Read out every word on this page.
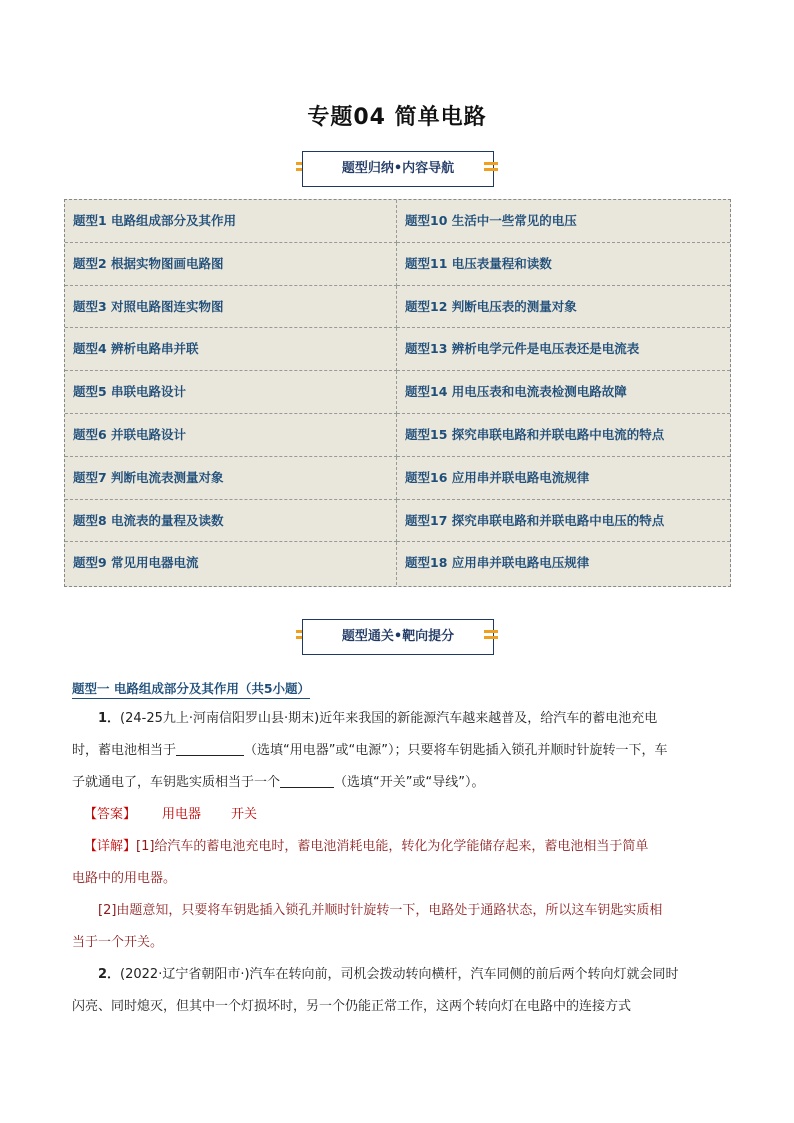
专题04 简单电路
题型归纳•内容导航
题型1 电路组成部分及其作用	题型10 生活中一些常见的电压
题型2 根据实物图画电路图	题型11 电压表量程和读数
题型3 对照电路图连实物图	题型12 判断电压表的测量对象
题型4 辨析电路串并联	题型13 辨析电学元件是电压表还是电流表
题型5 串联电路设计	题型14 用电压表和电流表检测电路故障
题型6 并联电路设计	题型15 探究串联电路和并联电路中电流的特点
题型7 判断电流表测量对象	题型16 应用串并联电路电流规律
题型8 电流表的量程及读数	题型17 探究串联电路和并联电路中电压的特点
题型9 常见用电器电流	题型18 应用串并联电路电压规律
题型通关•靶向提分
题型一 电路组成部分及其作用（共5小题）
1．(24-25九上·河南信阳罗山县·期末)近年来我国的新能源汽车越来越普及，给汽车的蓄电池充电
时，蓄电池相当于	（选填“用电器”或“电源”）；只要将车钥匙插入锁孔并顺时针旋转一下，车
子就通电了，车钥匙实质相当于一个	（选填“开关”或“导线”）。
【答案】 用电器 开关
【详解】[1]给汽车的蓄电池充电时，蓄电池消耗电能，转化为化学能储存起来，蓄电池相当于简单
电路中的用电器。
[2]由题意知，只要将车钥匙插入锁孔并顺时针旋转一下，电路处于通路状态，所以这车钥匙实质相
当于一个开关。
2．(2022·辽宁省朝阳市·)汽车在转向前，司机会拨动转向横杆，汽车同侧的前后两个转向灯就会同时
闪亮、同时熄灭，但其中一个灯损坏时，另一个仍能正常工作，这两个转向灯在电路中的连接方式
